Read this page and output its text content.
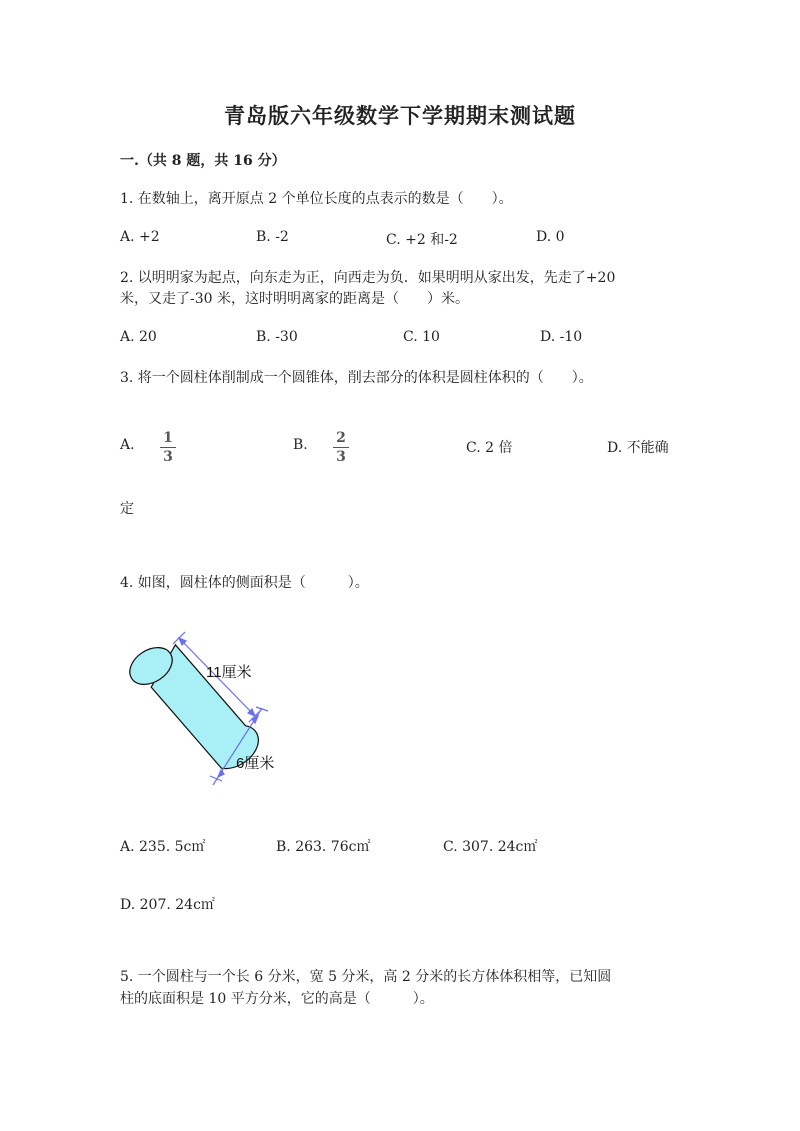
青岛版六年级数学下学期期末测试题
一.（共 8 题，共 16 分）
1. 在数轴上，离开原点 2 个单位长度的点表示的数是（　　）。
A. +2	B. -2	C. +2 和-2	D. 0
2. 以明明家为起点，向东走为正，向西走为负．如果明明从家出发，先走了+20
米，又走了-30 米，这时明明离家的距离是（　　）米。
A. 20	B. -30	C. 10	D. -10
3. 将一个圆柱体削制成一个圆锥体，削去部分的体积是圆柱体积的（　　）。
A. 1
3
B. 2
3
C. 2 倍	D. 不能确
定
4. 如图，圆柱体的侧面积是（　　　）。
11厘米
6厘米
A. 235. 5c㎡	B. 263. 76c㎡	C. 307. 24c㎡
D. 207. 24c㎡
5. 一个圆柱与一个长 6 分米，宽 5 分米，高 2 分米的长方体体积相等，已知圆
柱的底面积是 10 平方分米，它的高是（　　　）。
